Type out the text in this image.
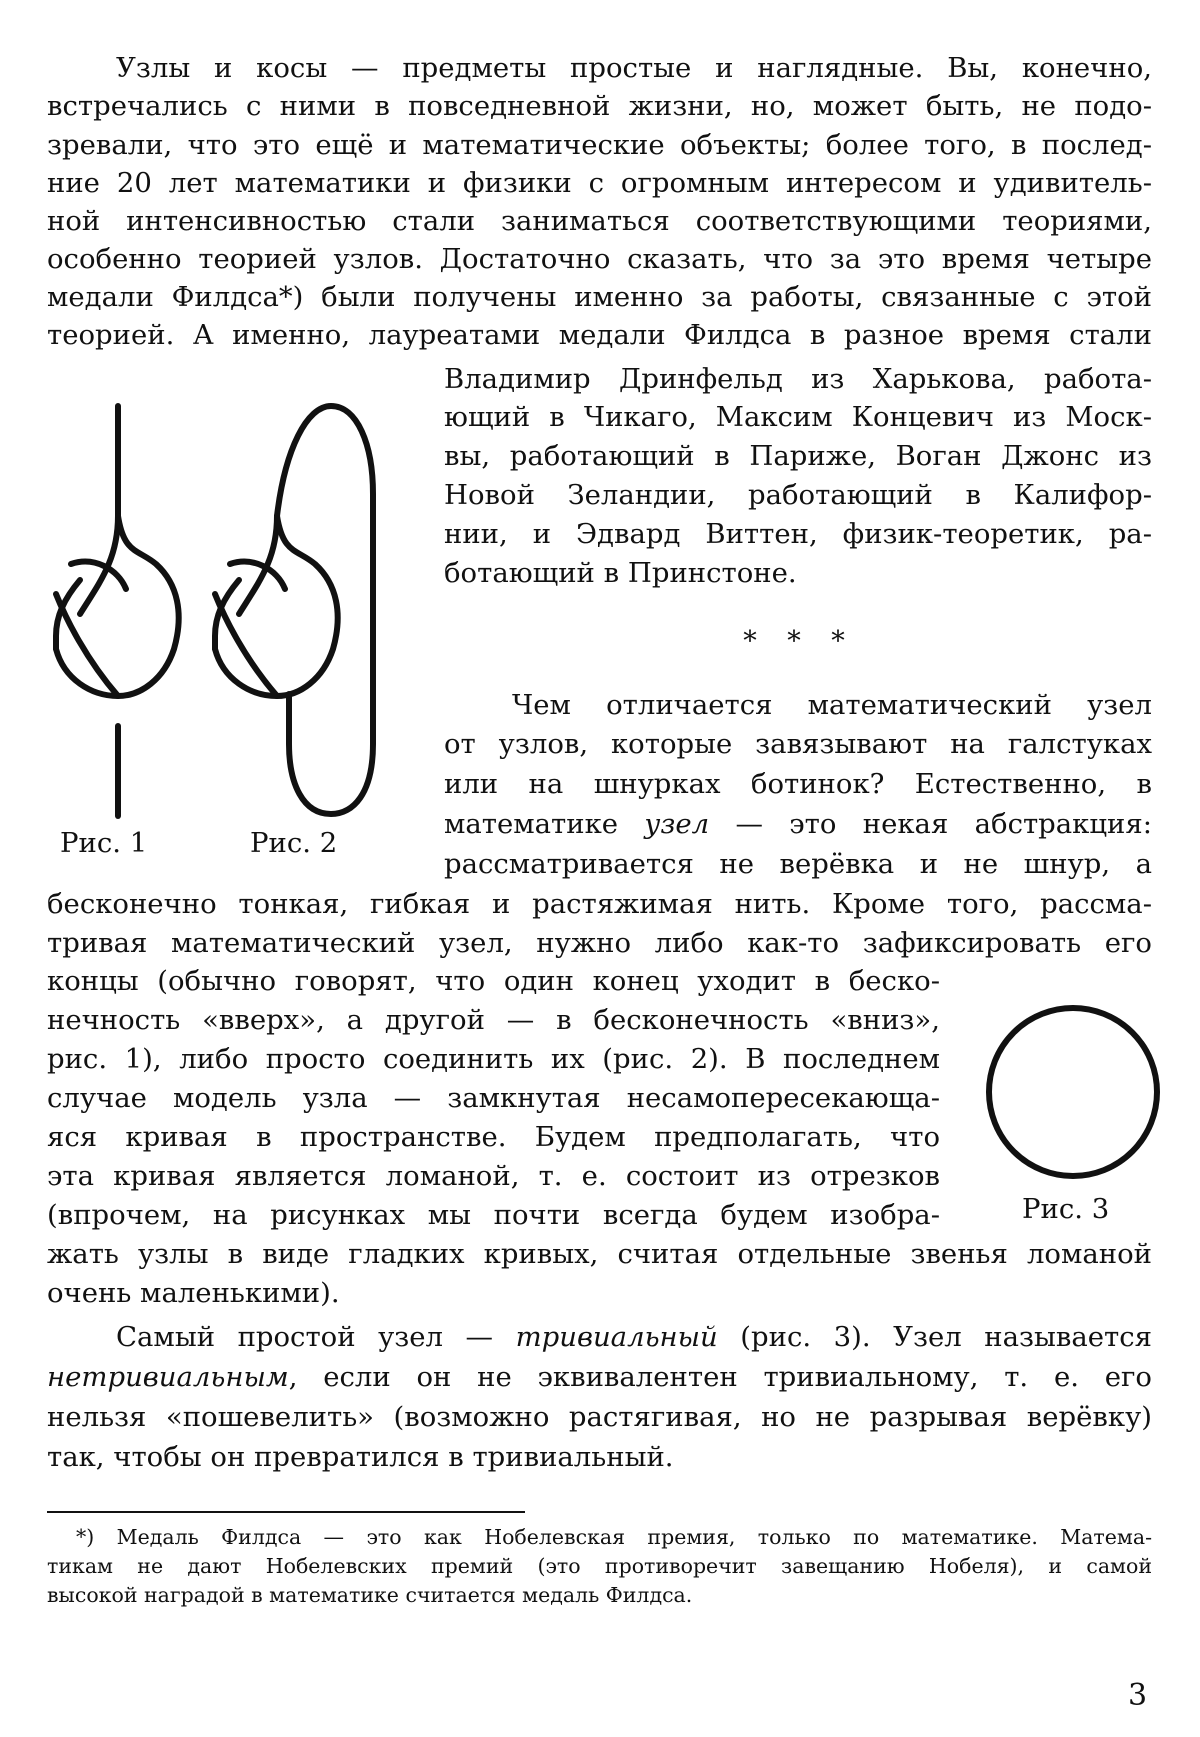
Узлы и косы — предметы простые и наглядные. Вы, конечно,

встречались с ними в повседневной жизни, но, может быть, не подо-

зревали, что это ещё и математические объекты; более того, в послед-

ние 20 лет математики и физики с огромным интересом и удивитель-

ной интенсивностью стали заниматься соответствующими теориями,

особенно теорией узлов. Достаточно сказать, что за это время четыре

медали Филдса*) были получены именно за работы, связанные с этой

теорией. А именно, лауреатами медали Филдса в разное время стали

Владимир Дринфельд из Харькова, работа-

ющий в Чикаго, Максим Концевич из Моск-

вы, работающий в Париже, Воган Джонс из

Новой Зеландии, работающий в Калифор-

нии, и Эдвард Виттен, физик-теоретик, ра-

ботающий в Принстоне.

* * *

Чем отличается математический узел

от узлов, которые завязывают на галстуках

или на шнурках ботинок? Естественно, в

математике узел — это некая абстракция:

рассматривается не верёвка и не шнур, а

бесконечно тонкая, гибкая и растяжимая нить. Кроме того, рассма-

тривая математический узел, нужно либо как-то зафиксировать его

концы (обычно говорят, что один конец уходит в беско-

нечность «вверх», а другой — в бесконечность «вниз»,

рис. 1), либо просто соединить их (рис. 2). В последнем

случае модель узла — замкнутая несамопересекающа-

яся кривая в пространстве. Будем предполагать, что

эта кривая является ломаной, т. е. состоит из отрезков

(впрочем, на рисунках мы почти всегда будем изобра-

жать узлы в виде гладких кривых, считая отдельные звенья ломаной

очень маленькими).

Самый простой узел — тривиальный (рис. 3). Узел называется

нетривиальным, если он не эквивалентен тривиальному, т. е. его

нельзя «пошевелить» (возможно растягивая, но не разрывая верёвку)

так, чтобы он превратился в тривиальный.

Рис. 1	Рис. 2

Рис. 3

*) Медаль Филдса — это как Нобелевская премия, только по математике. Матема-

тикам не дают Нобелевских премий (это противоречит завещанию Нобеля), и самой

высокой наградой в математике считается медаль Филдса.

3
